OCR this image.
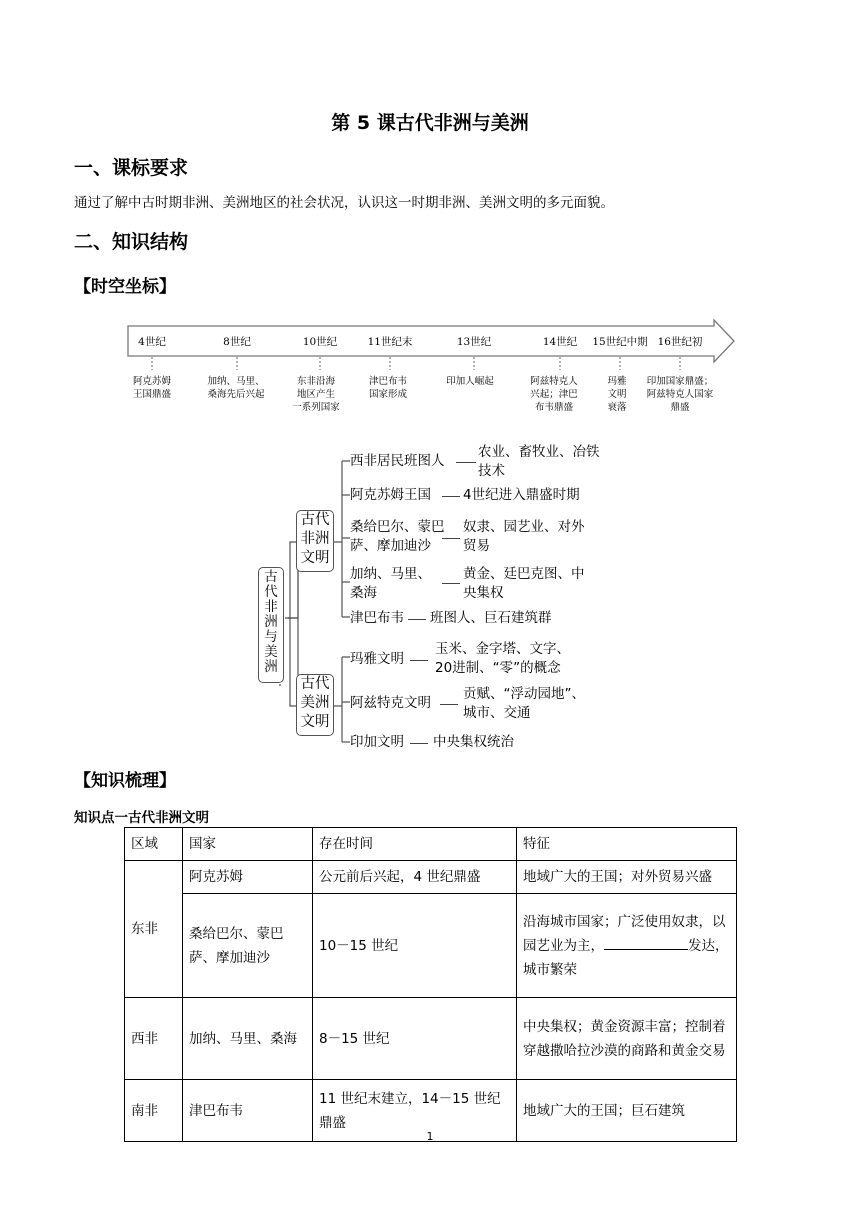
第 5 课古代非洲与美洲
一、课标要求
通过了解中古时期非洲、美洲地区的社会状况，认识这一时期非洲、美洲文明的多元面貌。
二、知识结构
【时空坐标】
4世纪	8世纪	10世纪	11世纪末	13世纪	14世纪 15世纪中期 16世纪初
阿克苏姆王国鼎盛
加纳、马里、桑海先后兴起
东非沿海地区产生一系列国家
津巴布韦国家形成
印加人崛起	阿兹特克人兴起；津巴布韦鼎盛
玛雅文明衰落
印加国家鼎盛；阿兹特克人国家鼎盛
古
代
非
洲
与
美
洲
古代
非洲
文明
古代
美洲
文明
西非居民班图人
农业、畜牧业、冶铁
技术
阿克苏姆王国 4世纪进入鼎盛时期
桑给巴尔、蒙巴
萨、摩加迪沙
奴隶、园艺业、对外
贸易
加纳、马里、
桑海
黄金、廷巴克图、中
央集权
津巴布韦 班图人、巨石建筑群
玛雅文明
玉米、金字塔、文字、
20进制、“零”的概念
阿兹特克文明
贡赋、“浮动园地”、
城市、交通
印加文明 中央集权统治
【知识梳理】
知识点一古代非洲文明
区域	国家	存在时间	特征
东非	阿克苏姆	公元前后兴起，4 世纪鼎盛	地域广大的王国；对外贸易兴盛
	桑给巴尔、蒙巴萨、摩加迪沙	10－15 世纪	沿海城市国家；广泛使用奴隶，以园艺业为主， 发达，城市繁荣
西非	加纳、马里、桑海	8－15 世纪	中央集权；黄金资源丰富；控制着穿越撒哈拉沙漠的商路和黄金交易
南非	津巴布韦	11 世纪末建立，14－15 世纪鼎盛	地域广大的王国；巨石建筑
1
